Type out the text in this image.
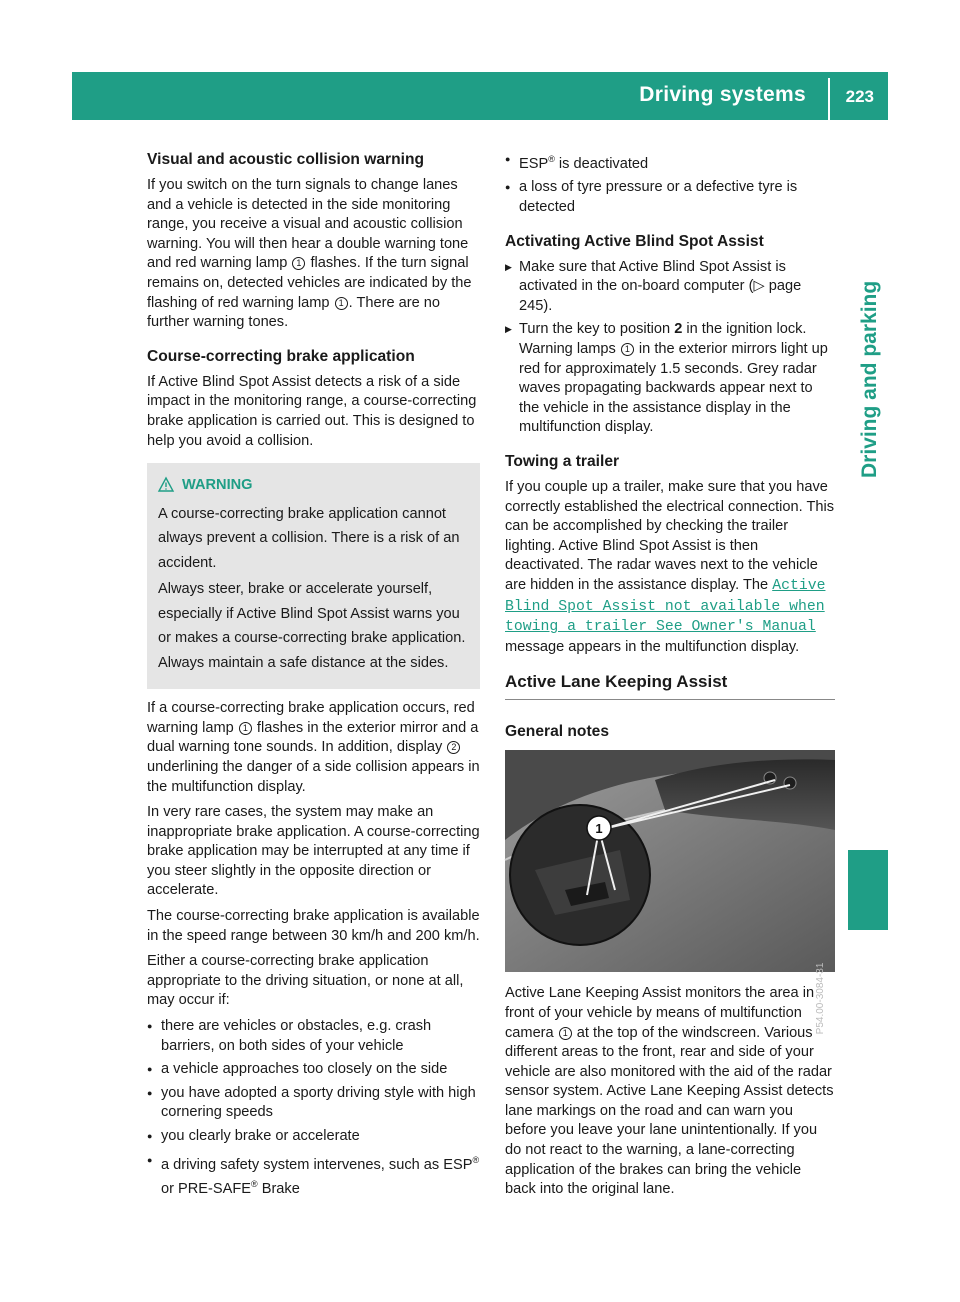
Driving systems 223
Driving and parking
Visual and acoustic collision warning

If you switch on the turn signals to change lanes and a vehicle is detected in the side monitoring range, you receive a visual and acoustic collision warning. You will then hear a double warning tone and red warning lamp 1 flashes. If the turn signal remains on, detected vehicles are indicated by the flashing of red warning lamp 1 . There are no further warning tones.

Course-correcting brake application

If Active Blind Spot Assist detects a risk of a side impact in the monitoring range, a course-correcting brake application is carried out. This is designed to help you avoid a collision.

WARNING

A course-correcting brake application cannot always prevent a collision. There is a risk of an accident.

Always steer, brake or accelerate yourself, especially if Active Blind Spot Assist warns you or makes a course-correcting brake application. Always maintain a safe distance at the sides.

If a course-correcting brake application occurs, red warning lamp 1 flashes in the exterior mirror and a dual warning tone sounds. In addition, display 2 underlining the danger of a side collision appears in the multifunction display.

In very rare cases, the system may make an inappropriate brake application. A course-correcting brake application may be interrupted at any time if you steer slightly in the opposite direction or accelerate.

The course-correcting brake application is available in the speed range between 30 km/h and 200 km/h.

Either a course-correcting brake application appropriate to the driving situation, or none at all, may occur if:

● there are vehicles or obstacles, e.g. crash barriers, on both sides of your vehicle
● a vehicle approaches too closely on the side
● you have adopted a sporty driving style with high cornering speeds
● you clearly brake or accelerate
● a driving safety system intervenes, such as ESP® or PRE-SAFE® Brake
● ESP® is deactivated
● a loss of tyre pressure or a defective tyre is detected
Activating Active Blind Spot Assist
▶ Make sure that Active Blind Spot Assist is activated in the on-board computer (▷ page 245).
▶ Turn the key to position 2 in the ignition lock. Warning lamps 1 in the exterior mirrors light up red for approximately 1.5 seconds. Grey radar waves propagating backwards appear next to the vehicle in the assistance display in the multifunction display.
Towing a trailer

If you couple up a trailer, make sure that you have correctly established the electrical connection. This can be accomplished by checking the trailer lighting. Active Blind Spot Assist is then deactivated. The radar waves next to the vehicle are hidden in the assistance display. The Active Blind Spot Assist not available when towing a trailer See Owner's Manual message appears in the multifunction display.

Active Lane Keeping Assist
General notes
1
P54.00-3084-31

Active Lane Keeping Assist monitors the area in front of your vehicle by means of multifunction camera 1 at the top of the windscreen. Various different areas to the front, rear and side of your vehicle are also monitored with the aid of the radar sensor system. Active Lane Keeping Assist detects lane markings on the road and can warn you before you leave your lane unintentionally. If you do not react to the warning, a lane-correcting application of the brakes can bring the vehicle back into the original lane.
